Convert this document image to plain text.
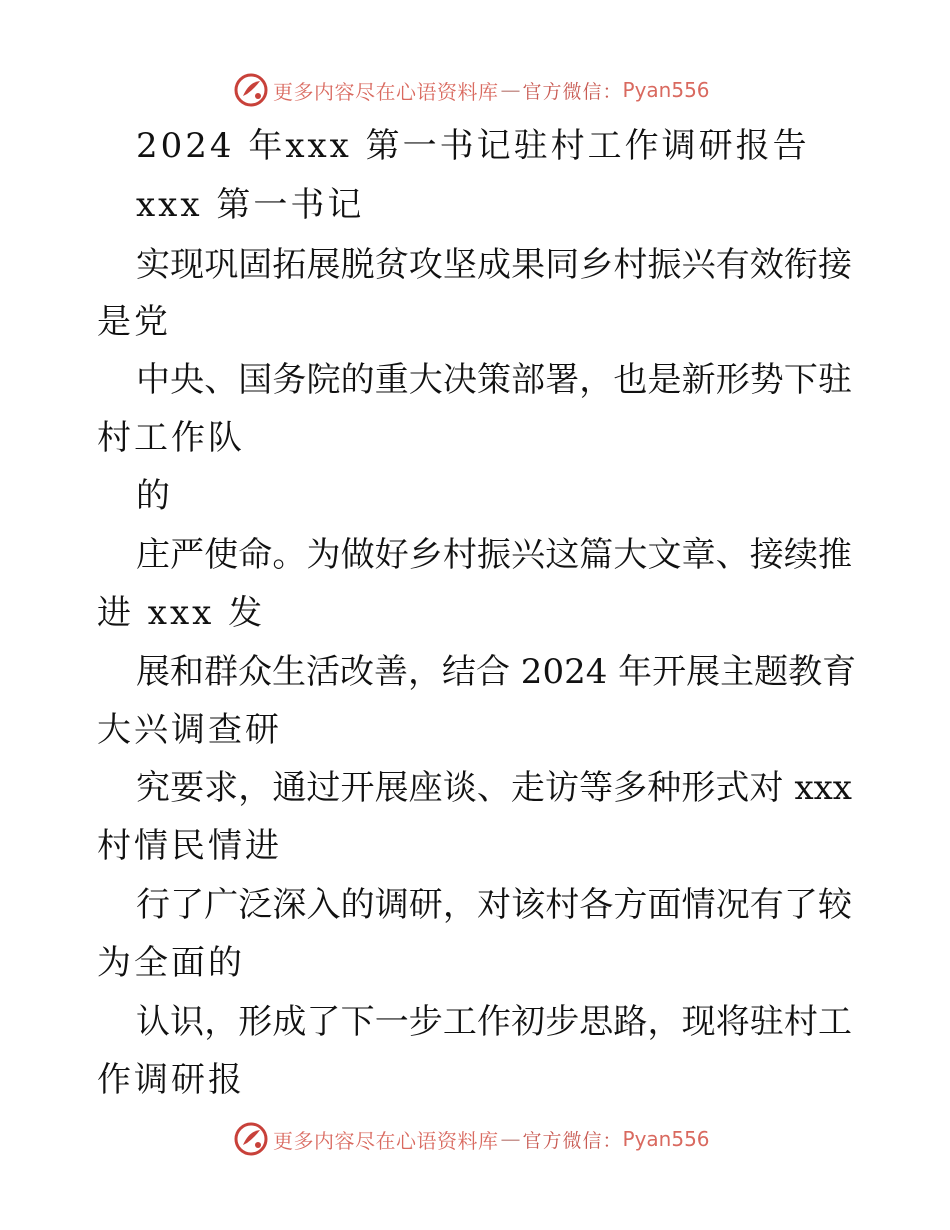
更多内容尽在心语资料库 — 官方微信： Pyan556
2024 年xxx 第一书记驻村工作调研报告
xxx 第一书记
实现巩固拓展脱贫攻坚成果同乡村振兴有效衔接
是党
中央、国务院的重大决策部署，也是新形势下驻
村工作队
的
庄严使命。为做好乡村振兴这篇大文章、接续推
进 xxx 发
展和群众生活改善，结合 2024 年开展主题教育
大兴调查研
究要求，通过开展座谈、走访等多种形式对 xxx
村情民情进
行了广泛深入的调研，对该村各方面情况有了较
为全面的
认识，形成了下一步工作初步思路，现将驻村工
作调研报
更多内容尽在心语资料库 — 官方微信： Pyan556
